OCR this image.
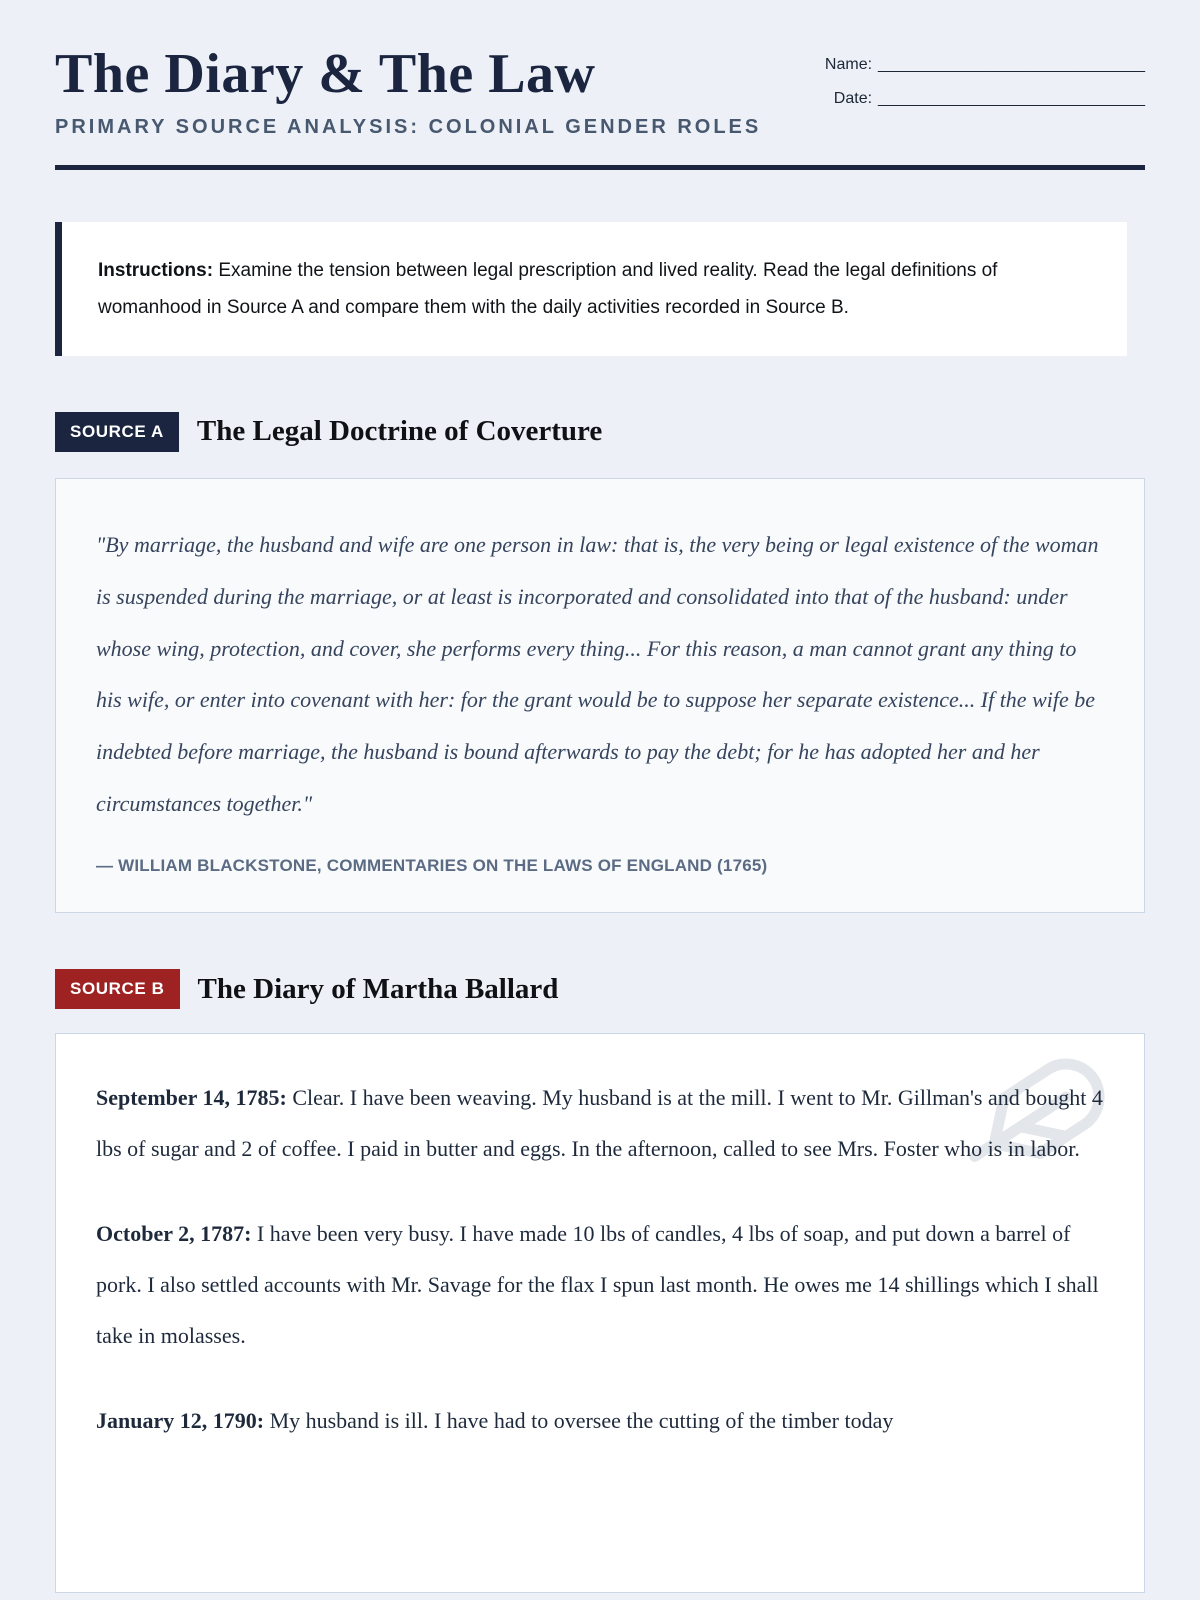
The Diary & The Law
PRIMARY SOURCE ANALYSIS: COLONIAL GENDER ROLES
Name: ______________________________
Date: ______________________________
Instructions: Examine the tension between legal prescription and lived reality. Read the legal definitions of womanhood in Source A and compare them with the daily activities recorded in Source B.
SOURCE A	The Legal Doctrine of Coverture
"By marriage, the husband and wife are one person in law: that is, the very being or legal existence of the woman is suspended during the marriage, or at least is incorporated and consolidated into that of the husband: under whose wing, protection, and cover, she performs every thing... For this reason, a man cannot grant any thing to his wife, or enter into covenant with her: for the grant would be to suppose her separate existence... If the wife be indebted before marriage, the husband is bound afterwards to pay the debt; for he has adopted her and her circumstances together."
— WILLIAM BLACKSTONE, COMMENTARIES ON THE LAWS OF ENGLAND (1765)
SOURCE B	The Diary of Martha Ballard
September 14, 1785: Clear. I have been weaving. My husband is at the mill. I went to Mr. Gillman's and bought 4 lbs of sugar and 2 of coffee. I paid in butter and eggs. In the afternoon, called to see Mrs. Foster who is in labor.
October 2, 1787: I have been very busy. I have made 10 lbs of candles, 4 lbs of soap, and put down a barrel of pork. I also settled accounts with Mr. Savage for the flax I spun last month. He owes me 14 shillings which I shall take in molasses.
January 12, 1790: My husband is ill. I have had to oversee the cutting of the timber today
